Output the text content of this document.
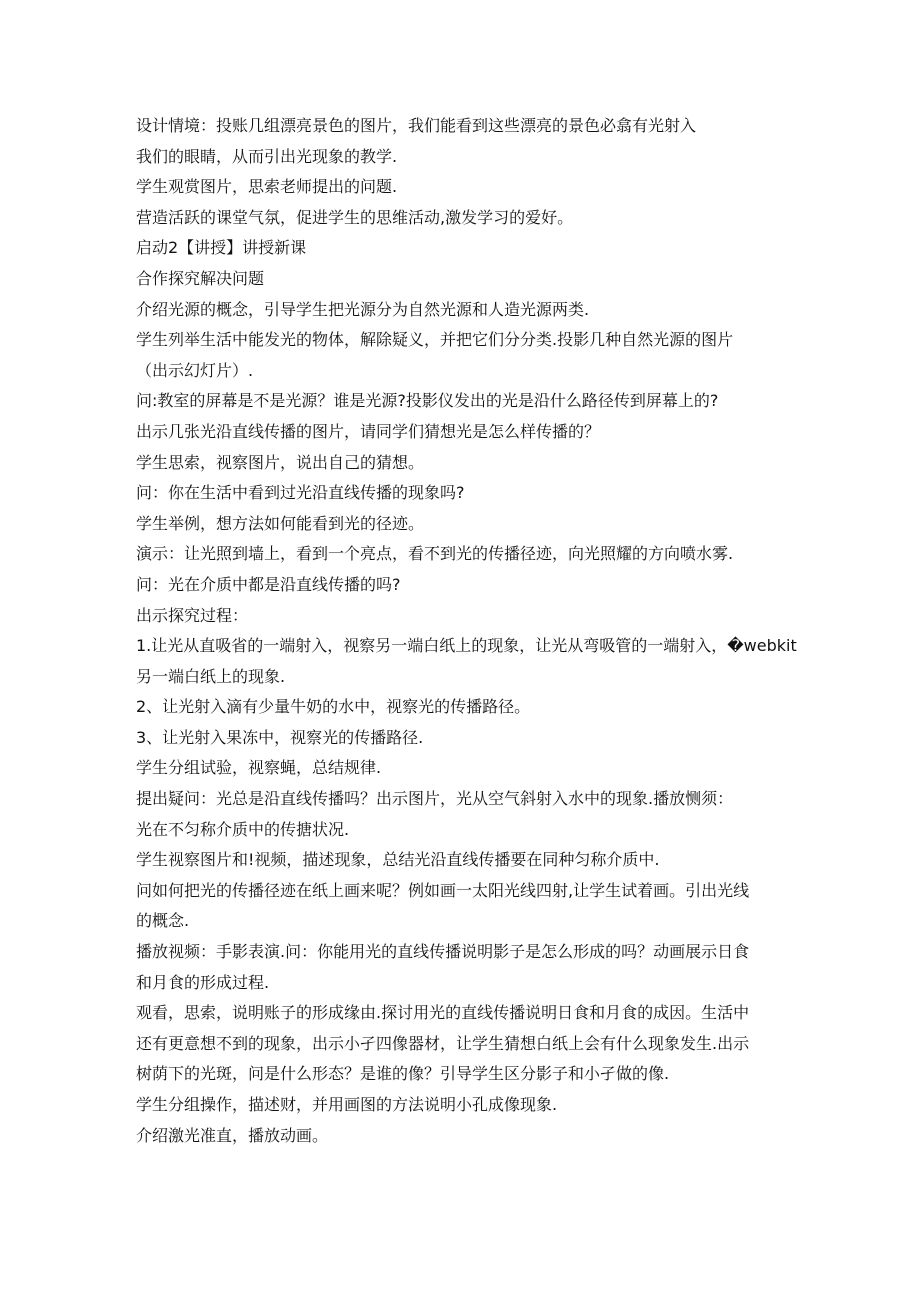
设计情境：投账几组漂亮景色的图片，我们能看到这些漂亮的景色必翕有光射入
我们的眼睛，从而引出光现象的教学.
学生观赏图片，思索老师提出的问题.
营造活跃的课堂气氛，促进学生的思维活动,激发学习的爱好。
启动2【讲授】讲授新课
合作探究解决问题
介绍光源的概念，引导学生把光源分为自然光源和人造光源两类.
学生列举生活中能发光的物体，解除疑义，并把它们分分类.投影几种自然光源的图片
（出示幻灯片）.
问:教室的屏幕是不是光源？谁是光源?投影仪发出的光是沿什么路径传到屏幕上的?
出示几张光沿直线传播的图片，请同学们猜想光是怎么样传播的？
学生思索，视察图片，说出自己的猜想。
问：你在生活中看到过光沿直线传播的现象吗?
学生举例，想方法如何能看到光的径迹。
演示：让光照到墙上，看到一个亮点，看不到光的传播径迹，向光照耀的方向喷水雾.
问：光在介质中都是沿直线传播的吗?
出示探究过程：
1.让光从直吸省的一端射入，视察另一端白纸上的现象，让光从弯吸管的一端射入，�webkit
另一端白纸上的现象.
2、让光射入滴有少量牛奶的水中，视察光的传播路径。
3、让光射入果冻中，视察光的传播路径.
学生分组试验，视察蝇，总结规律.
提出疑问：光总是沿直线传播吗？出示图片，光从空气斜射入水中的现象.播放恻须：
光在不匀称介质中的传搪状况.
学生视察图片和!视频，描述现象，总结光沿直线传播要在同种匀称介质中.
问如何把光的传播径迹在纸上画来呢？例如画一太阳光线四射,让学生试着画。引出光线
的概念.
播放视频：手影表演.问：你能用光的直线传播说明影子是怎么形成的吗？动画展示日食
和月食的形成过程.
观看，思索，说明账子的形成缘由.探讨用光的直线传播说明日食和月食的成因。生活中
还有更意想不到的现象，出示小孑四像器材，让学生猜想白纸上会有什么现象发生.出示
树荫下的光斑，问是什么形态？是谁的像？引导学生区分影子和小孑做的像.
学生分组操作，描述财，并用画图的方法说明小孔成像现象.
介绍激光准直，播放动画。
